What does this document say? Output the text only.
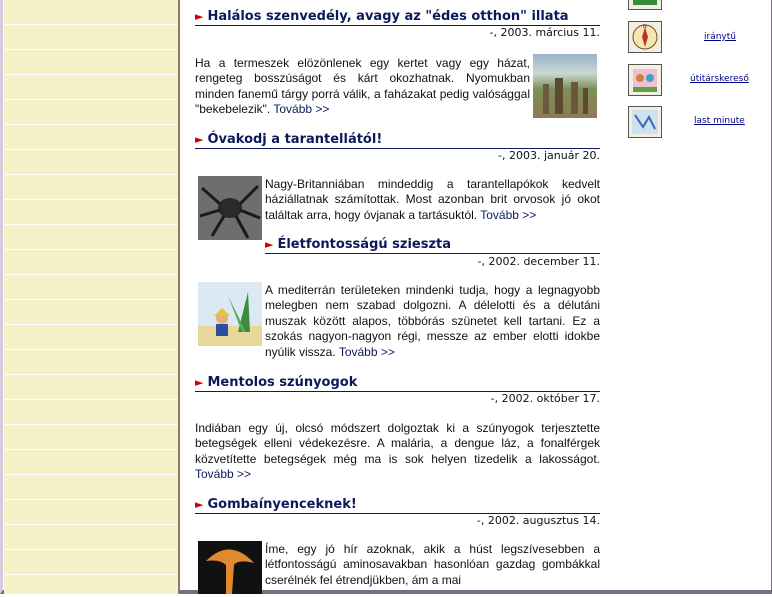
► Halálos szenvedély, avagy az "édes otthon" illata
-, 2003. március 11.
Ha a termeszek elözönlenek egy kertet vagy egy házat, rengeteg bosszúságot és kárt okozhatnak. Nyomukban minden fanemű tárgy porrá válik, a faházakat pedig valósággal "bekebelezik". Tovább >>
► Óvakodj a tarantellától!
-, 2003. január 20.
Nagy-Britanniában mindeddig a tarantellapókok kedvelt háziállatnak számítottak. Most azonban brit orvosok jó okot találtak arra, hogy óvjanak a tartásuktól. Tovább >>
► Életfontosságú szieszta
-, 2002. december 11.
A mediterrán területeken mindenki tudja, hogy a legnagyobb melegben nem szabad dolgozni. A délelotti és a délutáni muszak között alapos, többórás szünetet kell tartani. Ez a szokás nagyon-nagyon régi, messze az ember elotti idokbe nyúlik vissza. Tovább >>
► Mentolos szúnyogok
-, 2002. október 17.
Indiában egy új, olcsó módszert dolgoztak ki a szúnyogok terjesztette betegségek elleni védekezésre. A malária, a dengue láz, a fonalférgek közvetítette betegségek még ma is sok helyen tizedelik a lakosságot. Tovább >>
► Gombaínyenceknek!
-, 2002. augusztus 14.
Íme, egy jó hír azoknak, akik a húst legszívesebben a létfontosságú aminosavakban hasonlóan gazdag gombákkal cserélnék fel étrendjükben, ám a mai
N
iránytű
útitárskereső
last minute
